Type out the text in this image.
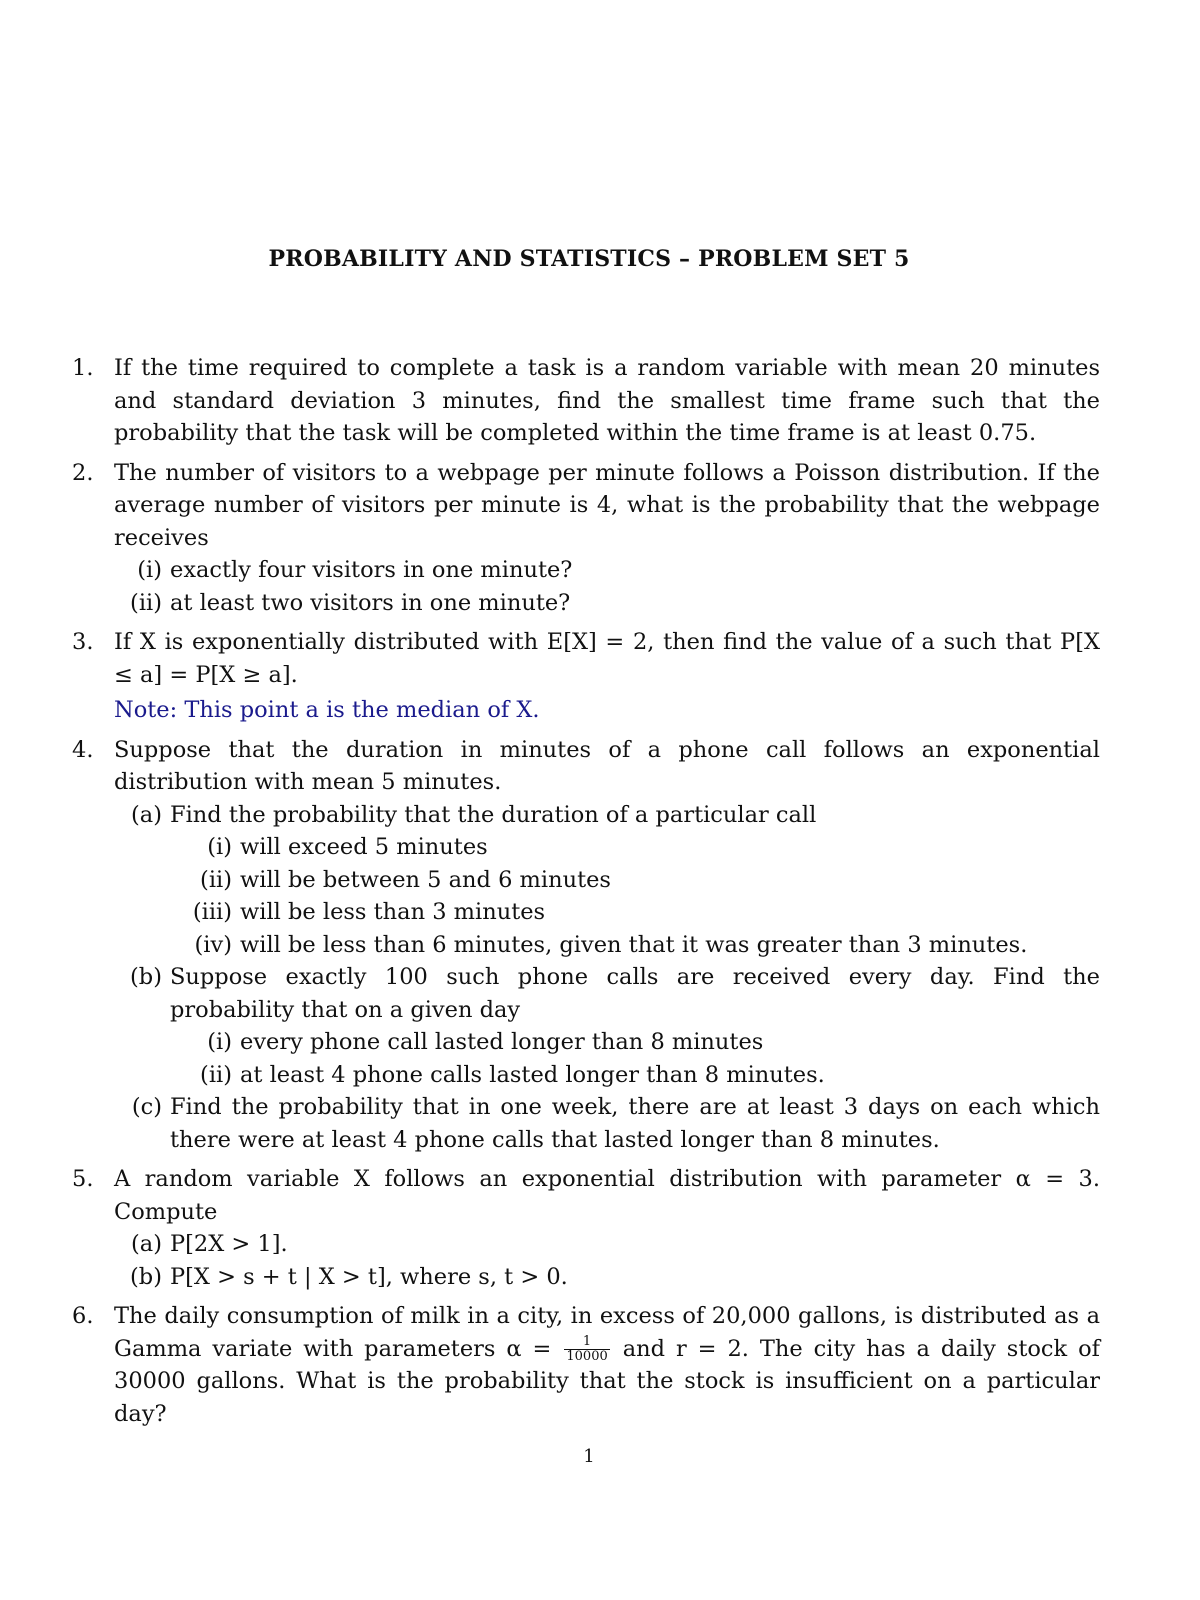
PROBABILITY AND STATISTICS – PROBLEM SET 5
1. If the time required to complete a task is a random variable with mean 20 minutes and standard deviation 3 minutes, find the smallest time frame such that the probability that the task will be completed within the time frame is at least 0.75.
2. The number of visitors to a webpage per minute follows a Poisson distribution. If the average number of visitors per minute is 4, what is the probability that the webpage receives
(i) exactly four visitors in one minute?
(ii) at least two visitors in one minute?
3. If X is exponentially distributed with E[X] = 2, then find the value of a such that P[X ≤ a] = P[X ≥ a].
Note: This point a is the median of X.
4. Suppose that the duration in minutes of a phone call follows an exponential distribution with mean 5 minutes.
(a) Find the probability that the duration of a particular call
(i) will exceed 5 minutes
(ii) will be between 5 and 6 minutes
(iii) will be less than 3 minutes
(iv) will be less than 6 minutes, given that it was greater than 3 minutes.
(b) Suppose exactly 100 such phone calls are received every day. Find the probability that on a given day
(i) every phone call lasted longer than 8 minutes
(ii) at least 4 phone calls lasted longer than 8 minutes.
(c) Find the probability that in one week, there are at least 3 days on each which there were at least 4 phone calls that lasted longer than 8 minutes.
5. A random variable X follows an exponential distribution with parameter α = 3. Compute
(a) P[2X > 1].
(b) P[X > s + t | X > t], where s, t > 0.
6. The daily consumption of milk in a city, in excess of 20,000 gallons, is distributed as a Gamma variate with parameters $\alpha = \frac{1}{10000}$ and r = 2. The city has a daily stock of 30000 gallons. What is the probability that the stock is insufficient on a particular day?
1
